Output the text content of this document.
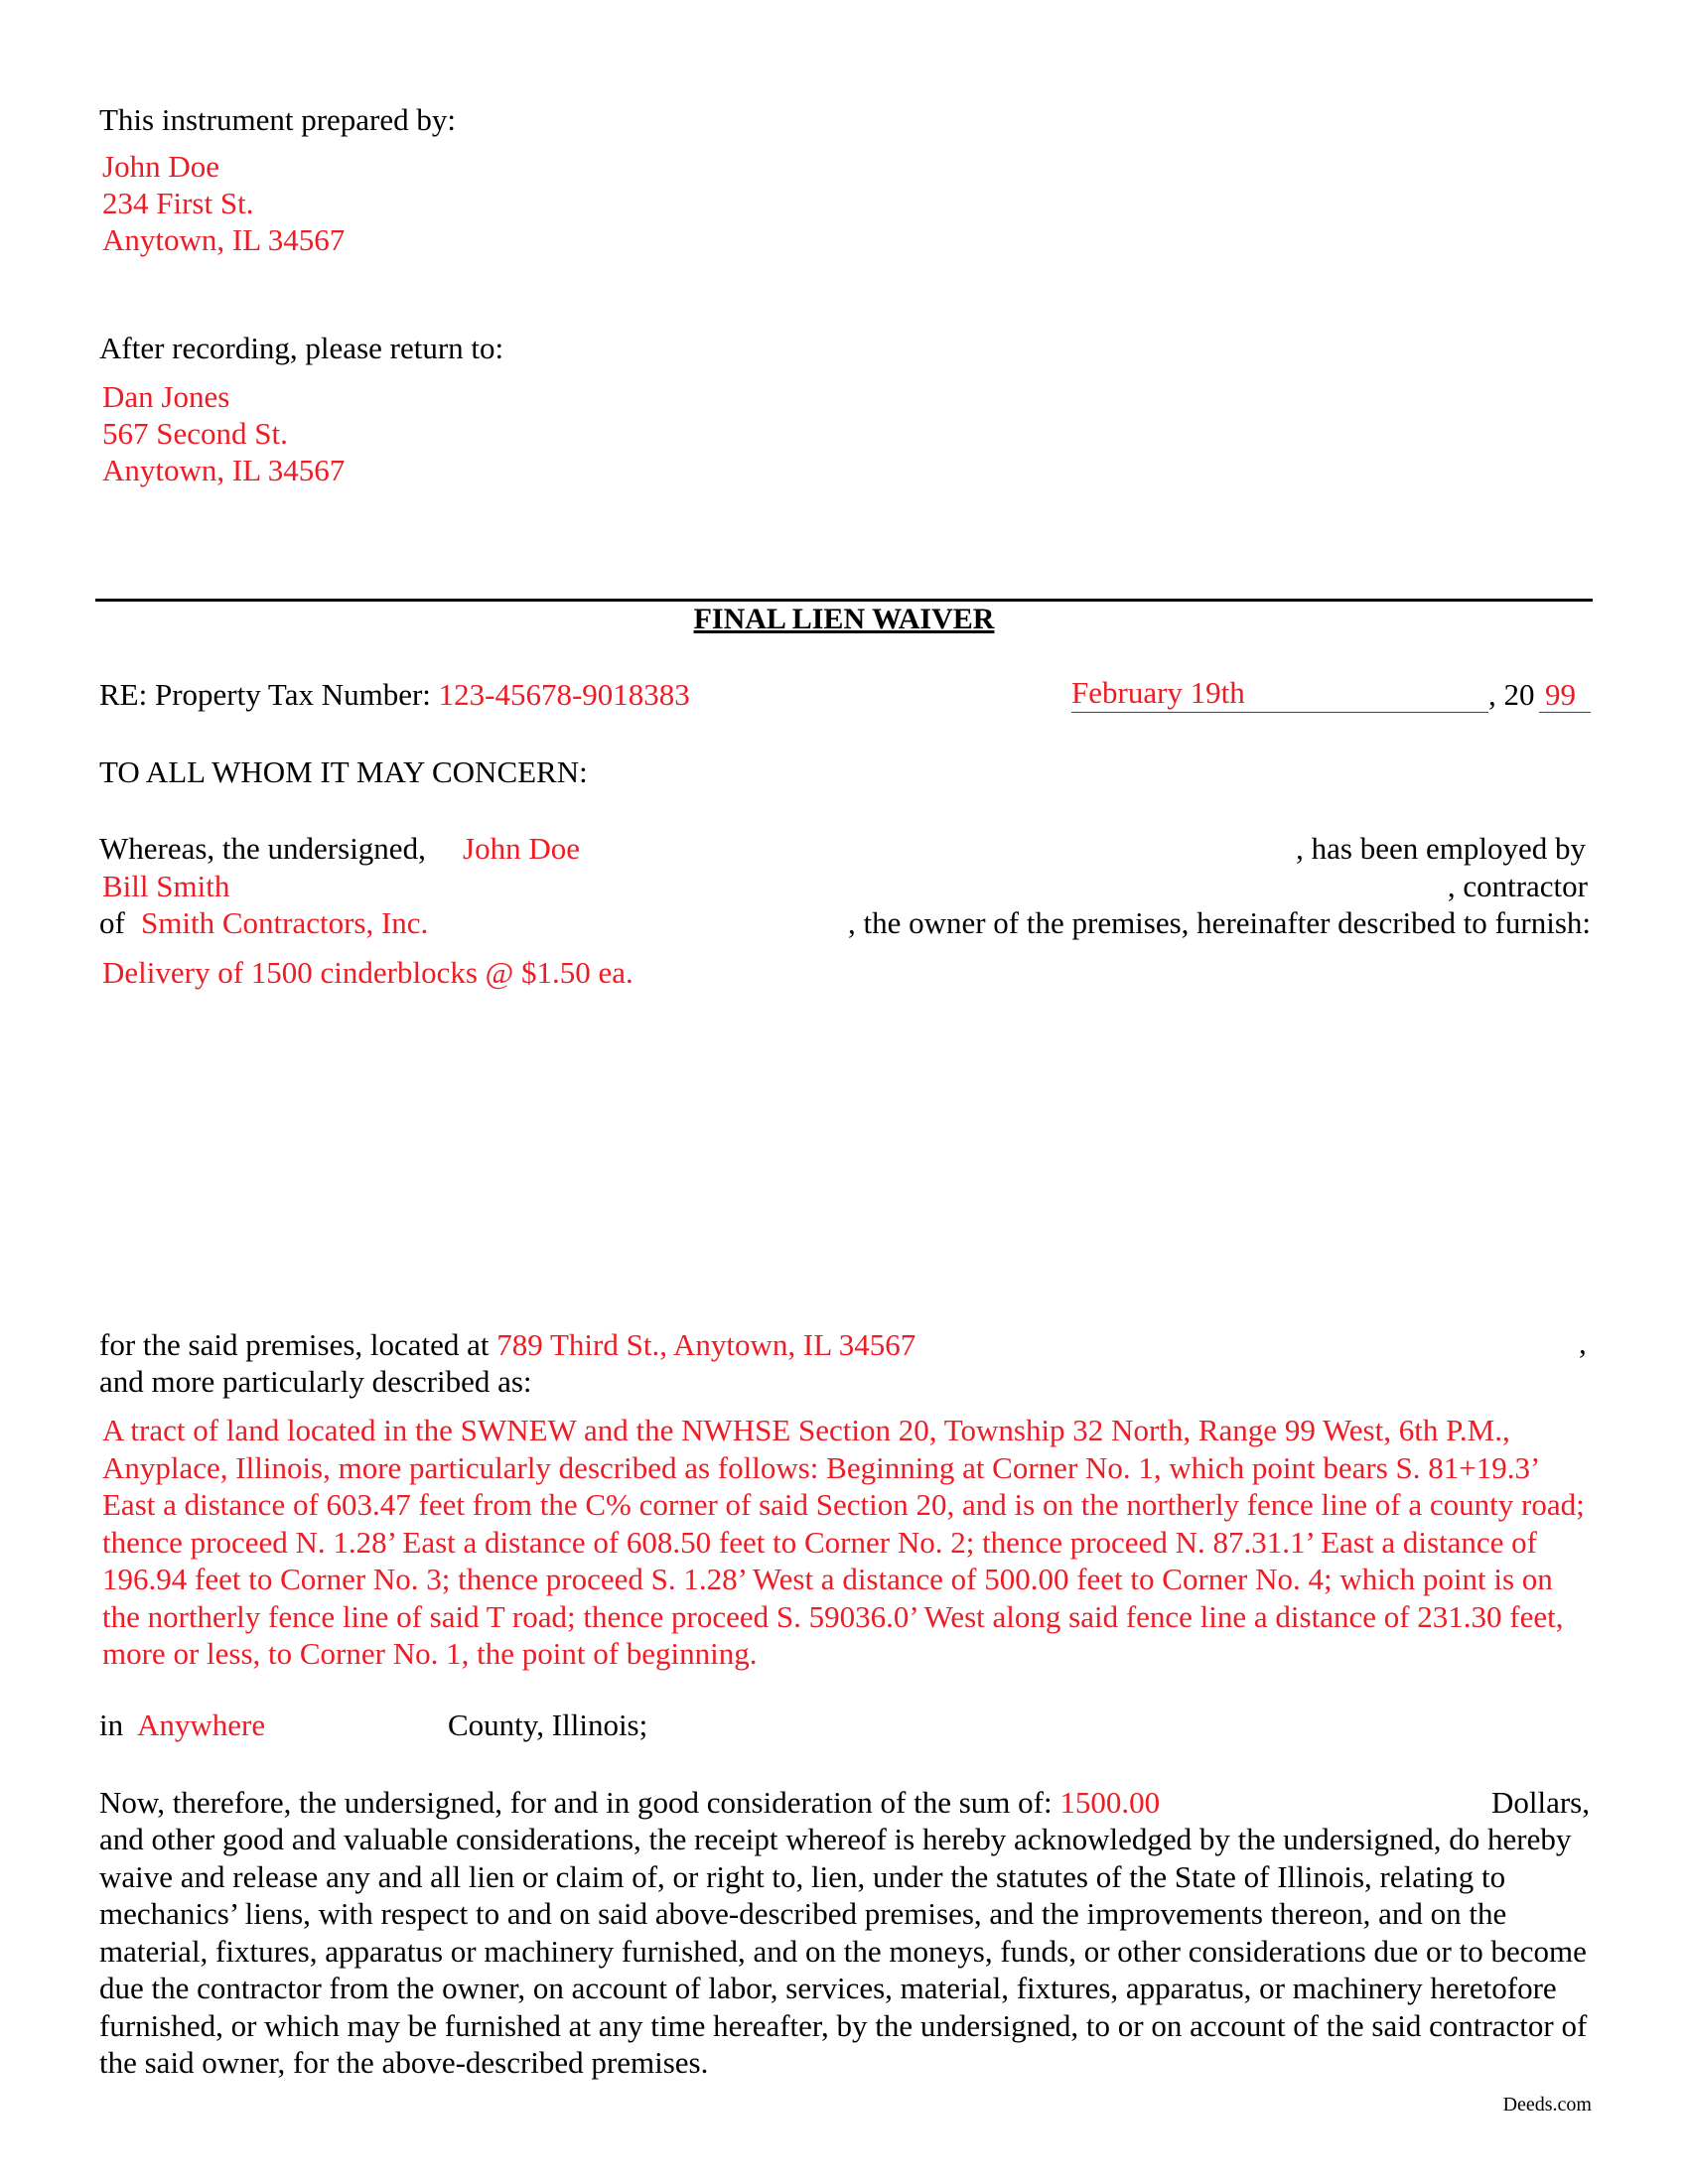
This instrument prepared by:
John Doe
234 First St.
Anytown, IL 34567
After recording, please return to:
Dan Jones
567 Second St.
Anytown, IL 34567
FINAL LIEN WAIVER
RE: Property Tax Number: 123-45678-9018383	February 19th	, 20 99
TO ALL WHOM IT MAY CONCERN:
Whereas, the undersigned, John Doe	, has been employed by
Bill Smith	, contractor
of Smith Contractors, Inc.	, the owner of the premises, hereinafter described to furnish:
Delivery of 1500 cinderblocks @ $1.50 ea.
for the said premises, located at 789 Third St., Anytown, IL 34567	,
and more particularly described as:
A tract of land located in the SWNEW and the NWHSE Section 20, Township 32 North, Range 99 West, 6th P.M., Anyplace, Illinois, more particularly described as follows: Beginning at Corner No. 1, which point bears S. 81+19.3’ East a distance of 603.47 feet from the C% corner of said Section 20, and is on the northerly fence line of a county road; thence proceed N. 1.28’ East a distance of 608.50 feet to Corner No. 2; thence proceed N. 87.31.1’ East a distance of 196.94 feet to Corner No. 3; thence proceed S. 1.28’ West a distance of 500.00 feet to Corner No. 4; which point is on the northerly fence line of said T road; thence proceed S. 59036.0’ West along said fence line a distance of 231.30 feet, more or less, to Corner No. 1, the point of beginning.
in Anywhere	County, Illinois;
Now, therefore, the undersigned, for and in good consideration of the sum of: 1500.00	Dollars,
and other good and valuable considerations, the receipt whereof is hereby acknowledged by the undersigned, do hereby waive and release any and all lien or claim of, or right to, lien, under the statutes of the State of Illinois, relating to mechanics’ liens, with respect to and on said above-described premises, and the improvements thereon, and on the material, fixtures, apparatus or machinery furnished, and on the moneys, funds, or other considerations due or to become due the contractor from the owner, on account of labor, services, material, fixtures, apparatus, or machinery heretofore furnished, or which may be furnished at any time hereafter, by the undersigned, to or on account of the said contractor of the said owner, for the above-described premises.
Deeds.com
